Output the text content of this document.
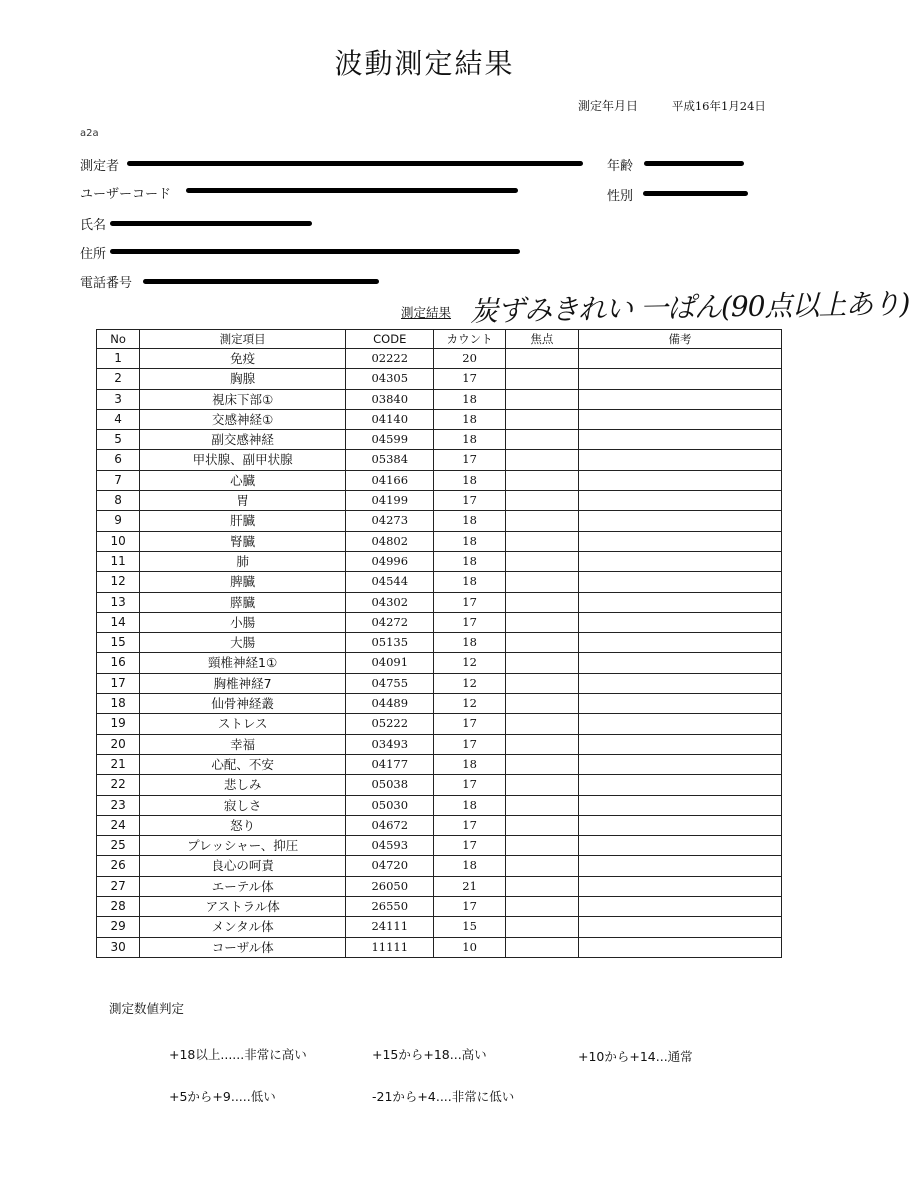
波動測定結果
測定年月日	平成16年1月24日
a2a
測定者	年齢
ユーザーコード	性別
氏名
住所
電話番号
測定結果 炭ずみきれい 一ぱん(90点以上あり)
No	測定項目	CODE	カウント	焦点	備考
1	免疫	02222	20		
2	胸腺	04305	17		
3	視床下部①	03840	18		
4	交感神経①	04140	18		
5	副交感神経	04599	18		
6	甲状腺、副甲状腺	05384	17		
7	心臓	04166	18		
8	胃	04199	17		
9	肝臓	04273	18		
10	腎臓	04802	18		
11	肺	04996	18		
12	脾臓	04544	18		
13	膵臓	04302	17		
14	小腸	04272	17		
15	大腸	05135	18		
16	頸椎神経1①	04091	12		
17	胸椎神経7	04755	12		
18	仙骨神経叢	04489	12		
19	ストレス	05222	17		
20	幸福	03493	17		
21	心配、不安	04177	18		
22	悲しみ	05038	17		
23	寂しさ	05030	18		
24	怒り	04672	17		
25	プレッシャー、抑圧	04593	17		
26	良心の呵責	04720	18		
27	エーテル体	26050	21		
28	アストラル体	26550	17		
29	メンタル体	24111	15		
30	コーザル体	11111	10		
測定数値判定
+18以上......非常に高い	+15から+18...高い	+10から+14...通常
+5から+9.....低い	-21から+4....非常に低い
